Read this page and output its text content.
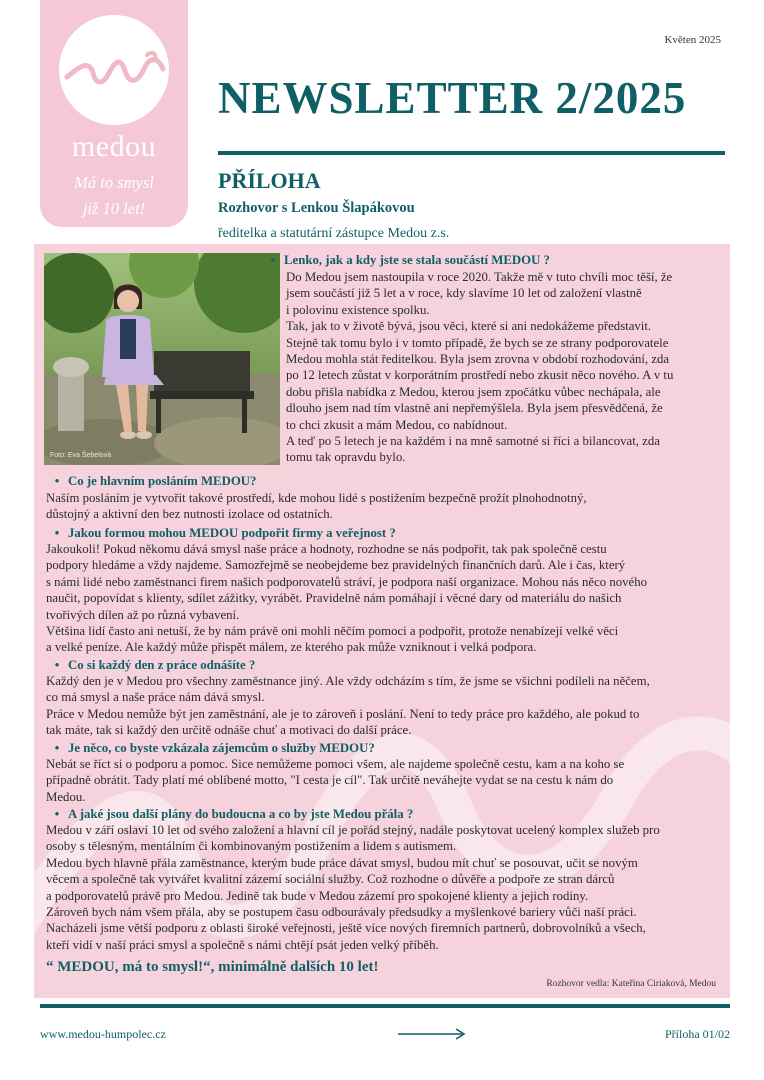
medou
Má to smysl
již 10 let!
Květen 2025
NEWSLETTER 2/2025
PŘÍLOHA
Rozhovor s Lenkou Šlapákovou
ředitelka a statutární zástupce Medou z.s.
Foto: Eva Šebelová
• Lenko, jak a kdy jste se stala součástí MEDOU ?

Do Medou jsem nastoupila v roce 2020. Takže mě v tuto chvíli moc těší, že

jsem součástí již 5 let a v roce, kdy slavíme 10 let od založení vlastně

i polovinu existence spolku.

Tak, jak to v životě bývá, jsou věci, které si ani nedokážeme představit.

Stejně tak tomu bylo i v tomto případě, že bych se ze strany podporovatele

Medou mohla stát ředitelkou. Byla jsem zrovna v období rozhodování, zda

po 12 letech zůstat v korporátním prostředí nebo zkusit něco nového. A v tu

dobu přišla nabídka z Medou, kterou jsem zpočátku vůbec nechápala, ale

dlouho jsem nad tím vlastně ani nepřemýšlela. Byla jsem přesvědčená, že

to chci zkusit a mám Medou, co nabídnout.

A teď po 5 letech je na každém i na mně samotné si říci a bilancovat, zda

tomu tak opravdu bylo.

• Co je hlavním posláním MEDOU?

Naším posláním je vytvořit takové prostředí, kde mohou lidé s postižením bezpečně prožít plnohodnotný,

důstojný a aktivní den bez nutnosti izolace od ostatních.

• Jakou formou mohou MEDOU podpořit firmy a veřejnost ?

Jakoukoli! Pokud někomu dává smysl naše práce a hodnoty, rozhodne se nás podpořit, tak pak společně cestu

podpory hledáme a vždy najdeme. Samozřejmě se neobejdeme bez pravidelných finančních darů. Ale i čas, který

s námi lidé nebo zaměstnanci firem našich podporovatelů stráví, je podpora naší organizace. Mohou nás něco nového

naučit, popovídat s klienty, sdílet zážitky, vyrábět. Pravidelně nám pomáhají i věcné dary od materiálu do našich

tvořivých dílen až po různá vybavení.

Většina lidí často ani netuší, že by nám právě oni mohli něčím pomoci a podpořit, protože nenabízejí velké věci

a velké peníze. Ale každý může přispět málem, ze kterého pak může vzniknout i velká podpora.

• Co si každý den z práce odnášíte ?

Každý den je v Medou pro všechny zaměstnance jiný. Ale vždy odcházím s tím, že jsme se všichni podíleli na něčem,

co má smysl a naše práce nám dává smysl.

Práce v Medou nemůže být jen zaměstnání, ale je to zároveň i poslání. Není to tedy práce pro každého, ale pokud to

tak máte, tak si každý den určitě odnáše chuť a motivaci do další práce.

• Je něco, co byste vzkázala zájemcům o služby MEDOU?

Nebát se říct si o podporu a pomoc. Sice nemůžeme pomoci všem, ale najdeme společně cestu, kam a na koho se

případně obrátit. Tady platí mé oblíbené motto, "I cesta je cíl". Tak určitě neváhejte vydat se na cestu k nám do

Medou.

• A jaké jsou další plány do budoucna a co by jste Medou přála ?

Medou v září oslaví 10 let od svého založení a hlavní cíl je pořád stejný, nadále poskytovat ucelený komplex služeb pro

osoby s tělesným, mentálním či kombinovaným postižením a lidem s autismem.

Medou bych hlavně přála zaměstnance, kterým bude práce dávat smysl, budou mít chuť se posouvat, učit se novým

věcem a společně tak vytvářet kvalitní zázemí sociální služby. Což rozhodne o důvěře a podpoře ze stran dárců

a podporovatelů právě pro Medou. Jedině tak bude v Medou zázemí pro spokojené klienty a jejich rodiny.

Zároveň bych nám všem přála, aby se postupem času odbourávaly předsudky a myšlenkové bariery vůči naší práci.

Nacházeli jsme větší podporu z oblasti široké veřejnosti, ještě více nových firemních partnerů, dobrovolníků a všech,

kteří vidí v naší práci smysl a společně s námi chtějí psát jeden velký příběh.

“ MEDOU, má to smysl!“, minimálně dalších 10 let!
Rozhovor vedla: Kateřina Ciriaková, Medou
www.medou-humpolec.cz	Příloha 01/02
